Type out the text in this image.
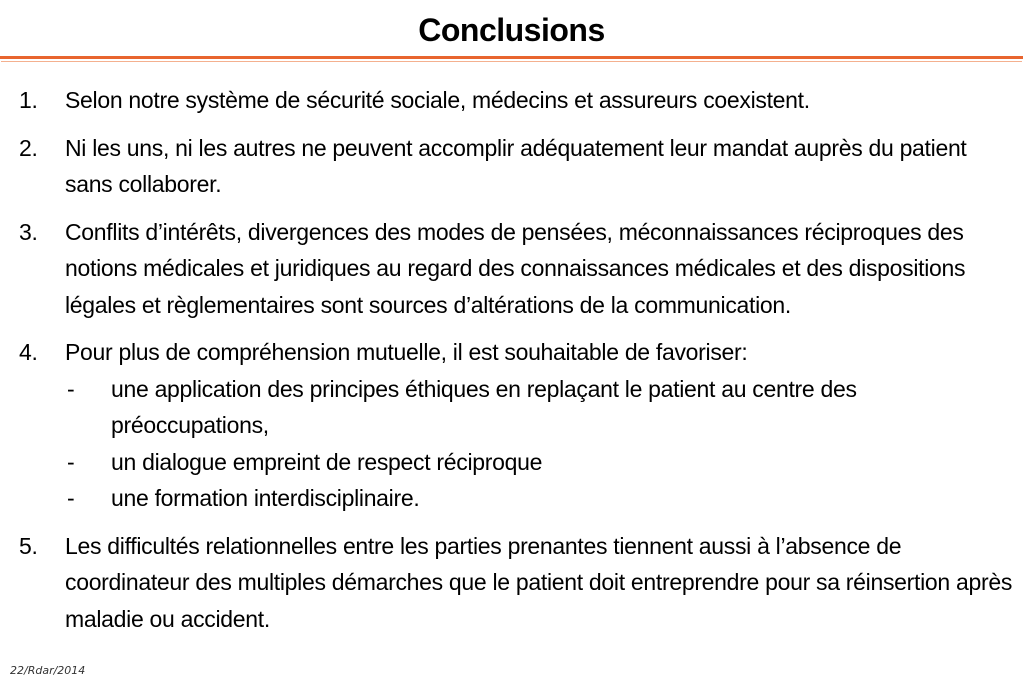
Conclusions
1. Selon notre système de sécurité sociale, médecins et assureurs coexistent.
2. Ni les uns, ni les autres ne peuvent accomplir adéquatement leur mandat auprès du patient sans collaborer.
3. Conflits d’intérêts, divergences des modes de pensées, méconnaissances réciproques des notions médicales et juridiques au regard des connaissances médicales et des dispositions légales et règlementaires sont sources d’altérations de la communication.
4. Pour plus de compréhension mutuelle, il est souhaitable de favoriser:
- une application des principes éthiques en replaçant le patient au centre des préoccupations,
- un dialogue empreint de respect réciproque
- une formation interdisciplinaire.
5. Les difficultés relationnelles entre les parties prenantes tiennent aussi à l’absence de coordinateur des multiples démarches que le patient doit entreprendre pour sa réinsertion après maladie ou accident.
22/Rdar/2014
